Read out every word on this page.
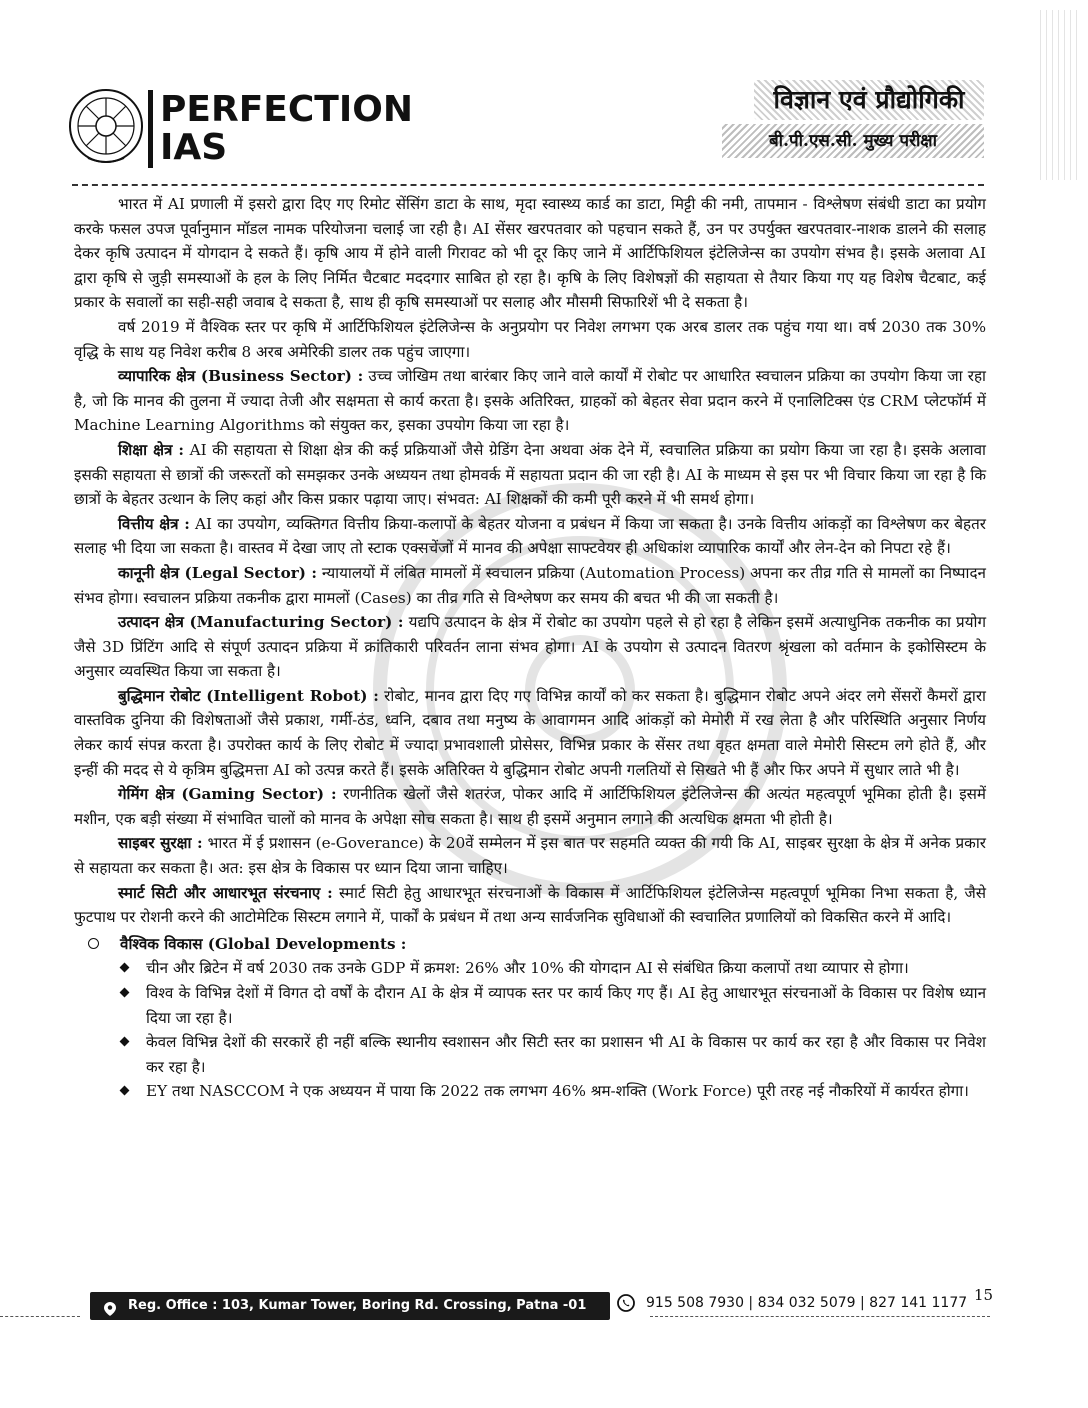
PERFECTION
IAS
विज्ञान एवं प्रौद्योगिकी
बी.पी.एस.सी. मुख्य परीक्षा

भारत में AI प्रणाली में इसरो द्वारा दिए गए रिमोट सेंसिंग डाटा के साथ, मृदा स्वास्थ्य कार्ड का डाटा, मिट्टी की नमी, तापमान - विश्लेषण संबंधी डाटा का प्रयोग करके फसल उपज पूर्वानुमान मॉडल नामक परियोजना चलाई जा रही है। AI सेंसर खरपतवार को पहचान सकते हैं, उन पर उपर्युक्त खरपतवार-नाशक डालने की सलाह देकर कृषि उत्पादन में योगदान दे सकते हैं। कृषि आय में होने वाली गिरावट को भी दूर किए जाने में आर्टिफिशियल इंटेलिजेन्स का उपयोग संभव है। इसके अलावा AI द्वारा कृषि से जुड़ी समस्याओं के हल के लिए निर्मित चैटबाट मददगार साबित हो रहा है। कृषि के लिए विशेषज्ञों की सहायता से तैयार किया गए यह विशेष चैटबाट, कई प्रकार के सवालों का सही-सही जवाब दे सकता है, साथ ही कृषि समस्याओं पर सलाह और मौसमी सिफारिशें भी दे सकता है।

वर्ष 2019 में वैश्विक स्तर पर कृषि में आर्टिफिशियल इंटेलिजेन्स के अनुप्रयोग पर निवेश लगभग एक अरब डालर तक पहुंच गया था। वर्ष 2030 तक 30% वृद्धि के साथ यह निवेश करीब 8 अरब अमेरिकी डालर तक पहुंच जाएगा।

व्यापारिक क्षेत्र (Business Sector) : उच्च जोखिम तथा बारंबार किए जाने वाले कार्यों में रोबोट पर आधारित स्वचालन प्रक्रिया का उपयोग किया जा रहा है, जो कि मानव की तुलना में ज्यादा तेजी और सक्षमता से कार्य करता है। इसके अतिरिक्त, ग्राहकों को बेहतर सेवा प्रदान करने में एनालिटिक्स एंड CRM प्लेटफॉर्म में Machine Learning Algorithms को संयुक्त कर, इसका उपयोग किया जा रहा है।

शिक्षा क्षेत्र : AI की सहायता से शिक्षा क्षेत्र की कई प्रक्रियाओं जैसे ग्रेडिंग देना अथवा अंक देने में, स्वचालित प्रक्रिया का प्रयोग किया जा रहा है। इसके अलावा इसकी सहायता से छात्रों की जरूरतों को समझकर उनके अध्ययन तथा होमवर्क में सहायता प्रदान की जा रही है। AI के माध्यम से इस पर भी विचार किया जा रहा है कि छात्रों के बेहतर उत्थान के लिए कहां और किस प्रकार पढ़ाया जाए। संभवत: AI शिक्षकों की कमी पूरी करने में भी समर्थ होगा।

वित्तीय क्षेत्र : AI का उपयोग, व्यक्तिगत वित्तीय क्रिया-कलापों के बेहतर योजना व प्रबंधन में किया जा सकता है। उनके वित्तीय आंकड़ों का विश्लेषण कर बेहतर सलाह भी दिया जा सकता है। वास्तव में देखा जाए तो स्टाक एक्सचेंजों में मानव की अपेक्षा साफ्टवेयर ही अधिकांश व्यापारिक कार्यों और लेन-देन को निपटा रहे हैं।

कानूनी क्षेत्र (Legal Sector) : न्यायालयों में लंबित मामलों में स्वचालन प्रक्रिया (Automation Process) अपना कर तीव्र गति से मामलों का निष्पादन संभव होगा। स्वचालन प्रक्रिया तकनीक द्वारा मामलों (Cases) का तीव्र गति से विश्लेषण कर समय की बचत भी की जा सकती है।

उत्पादन क्षेत्र (Manufacturing Sector) : यद्यपि उत्पादन के क्षेत्र में रोबोट का उपयोग पहले से हो रहा है लेकिन इसमें अत्याधुनिक तकनीक का प्रयोग जैसे 3D प्रिंटिंग आदि से संपूर्ण उत्पादन प्रक्रिया में क्रांतिकारी परिवर्तन लाना संभव होगा। AI के उपयोग से उत्पादन वितरण श्रृंखला को वर्तमान के इकोसिस्टम के अनुसार व्यवस्थित किया जा सकता है।

बुद्धिमान रोबोट (Intelligent Robot) : रोबोट, मानव द्वारा दिए गए विभिन्न कार्यों को कर सकता है। बुद्धिमान रोबोट अपने अंदर लगे सेंसरों कैमरों द्वारा वास्तविक दुनिया की विशेषताओं जैसे प्रकाश, गर्मी-ठंड, ध्वनि, दबाव तथा मनुष्य के आवागमन आदि आंकड़ों को मेमोरी में रख लेता है और परिस्थिति अनुसार निर्णय लेकर कार्य संपन्न करता है। उपरोक्त कार्य के लिए रोबोट में ज्यादा प्रभावशाली प्रोसेसर, विभिन्न प्रकार के सेंसर तथा वृहत क्षमता वाले मेमोरी सिस्टम लगे होते हैं, और इन्हीं की मदद से ये कृत्रिम बुद्धिमत्ता AI को उत्पन्न करते हैं। इसके अतिरिक्त ये बुद्धिमान रोबोट अपनी गलतियों से सिखते भी हैं और फिर अपने में सुधार लाते भी है।

गेमिंग क्षेत्र (Gaming Sector) : रणनीतिक खेलों जैसे शतरंज, पोकर आदि में आर्टिफिशियल इंटेलिजेन्स की अत्यंत महत्वपूर्ण भूमिका होती है। इसमें मशीन, एक बड़ी संख्या में संभावित चालों को मानव के अपेक्षा सोच सकता है। साथ ही इसमें अनुमान लगाने की अत्यधिक क्षमता भी होती है।

साइबर सुरक्षा : भारत में ई प्रशासन (e-Goverance) के 20वें सम्मेलन में इस बात पर सहमति व्यक्त की गयी कि AI, साइबर सुरक्षा के क्षेत्र में अनेक प्रकार से सहायता कर सकता है। अत: इस क्षेत्र के विकास पर ध्यान दिया जाना चाहिए।

स्मार्ट सिटी और आधारभूत संरचनाए : स्मार्ट सिटी हेतु आधारभूत संरचनाओं के विकास में आर्टिफिशियल इंटेलिजेन्स महत्वपूर्ण भूमिका निभा सकता है, जैसे फुटपाथ पर रोशनी करने की आटोमेटिक सिस्टम लगाने में, पार्कों के प्रबंधन में तथा अन्य सार्वजनिक सुविधाओं की स्वचालित प्रणालियों को विकसित करने में आदि।

वैश्विक विकास (Global Developments :
चीन और ब्रिटेन में वर्ष 2030 तक उनके GDP में क्रमश: 26% और 10% की योगदान AI से संबंधित क्रिया कलापों तथा व्यापार से होगा।
विश्व के विभिन्न देशों में विगत दो वर्षों के दौरान AI के क्षेत्र में व्यापक स्तर पर कार्य किए गए हैं। AI हेतु आधारभूत संरचनाओं के विकास पर विशेष ध्यान दिया जा रहा है।
केवल विभिन्न देशों की सरकारें ही नहीं बल्कि स्थानीय स्वशासन और सिटी स्तर का प्रशासन भी AI के विकास पर कार्य कर रहा है और विकास पर निवेश कर रहा है।
EY तथा NASCCOM ने एक अध्ययन में पाया कि 2022 तक लगभग 46% श्रम-शक्ति (Work Force) पूरी तरह नई नौकरियों में कार्यरत होगा।
Reg. Office : 103, Kumar Tower, Boring Rd. Crossing, Patna -01	915 508 7930 | 834 032 5079 | 827 141 1177 15
